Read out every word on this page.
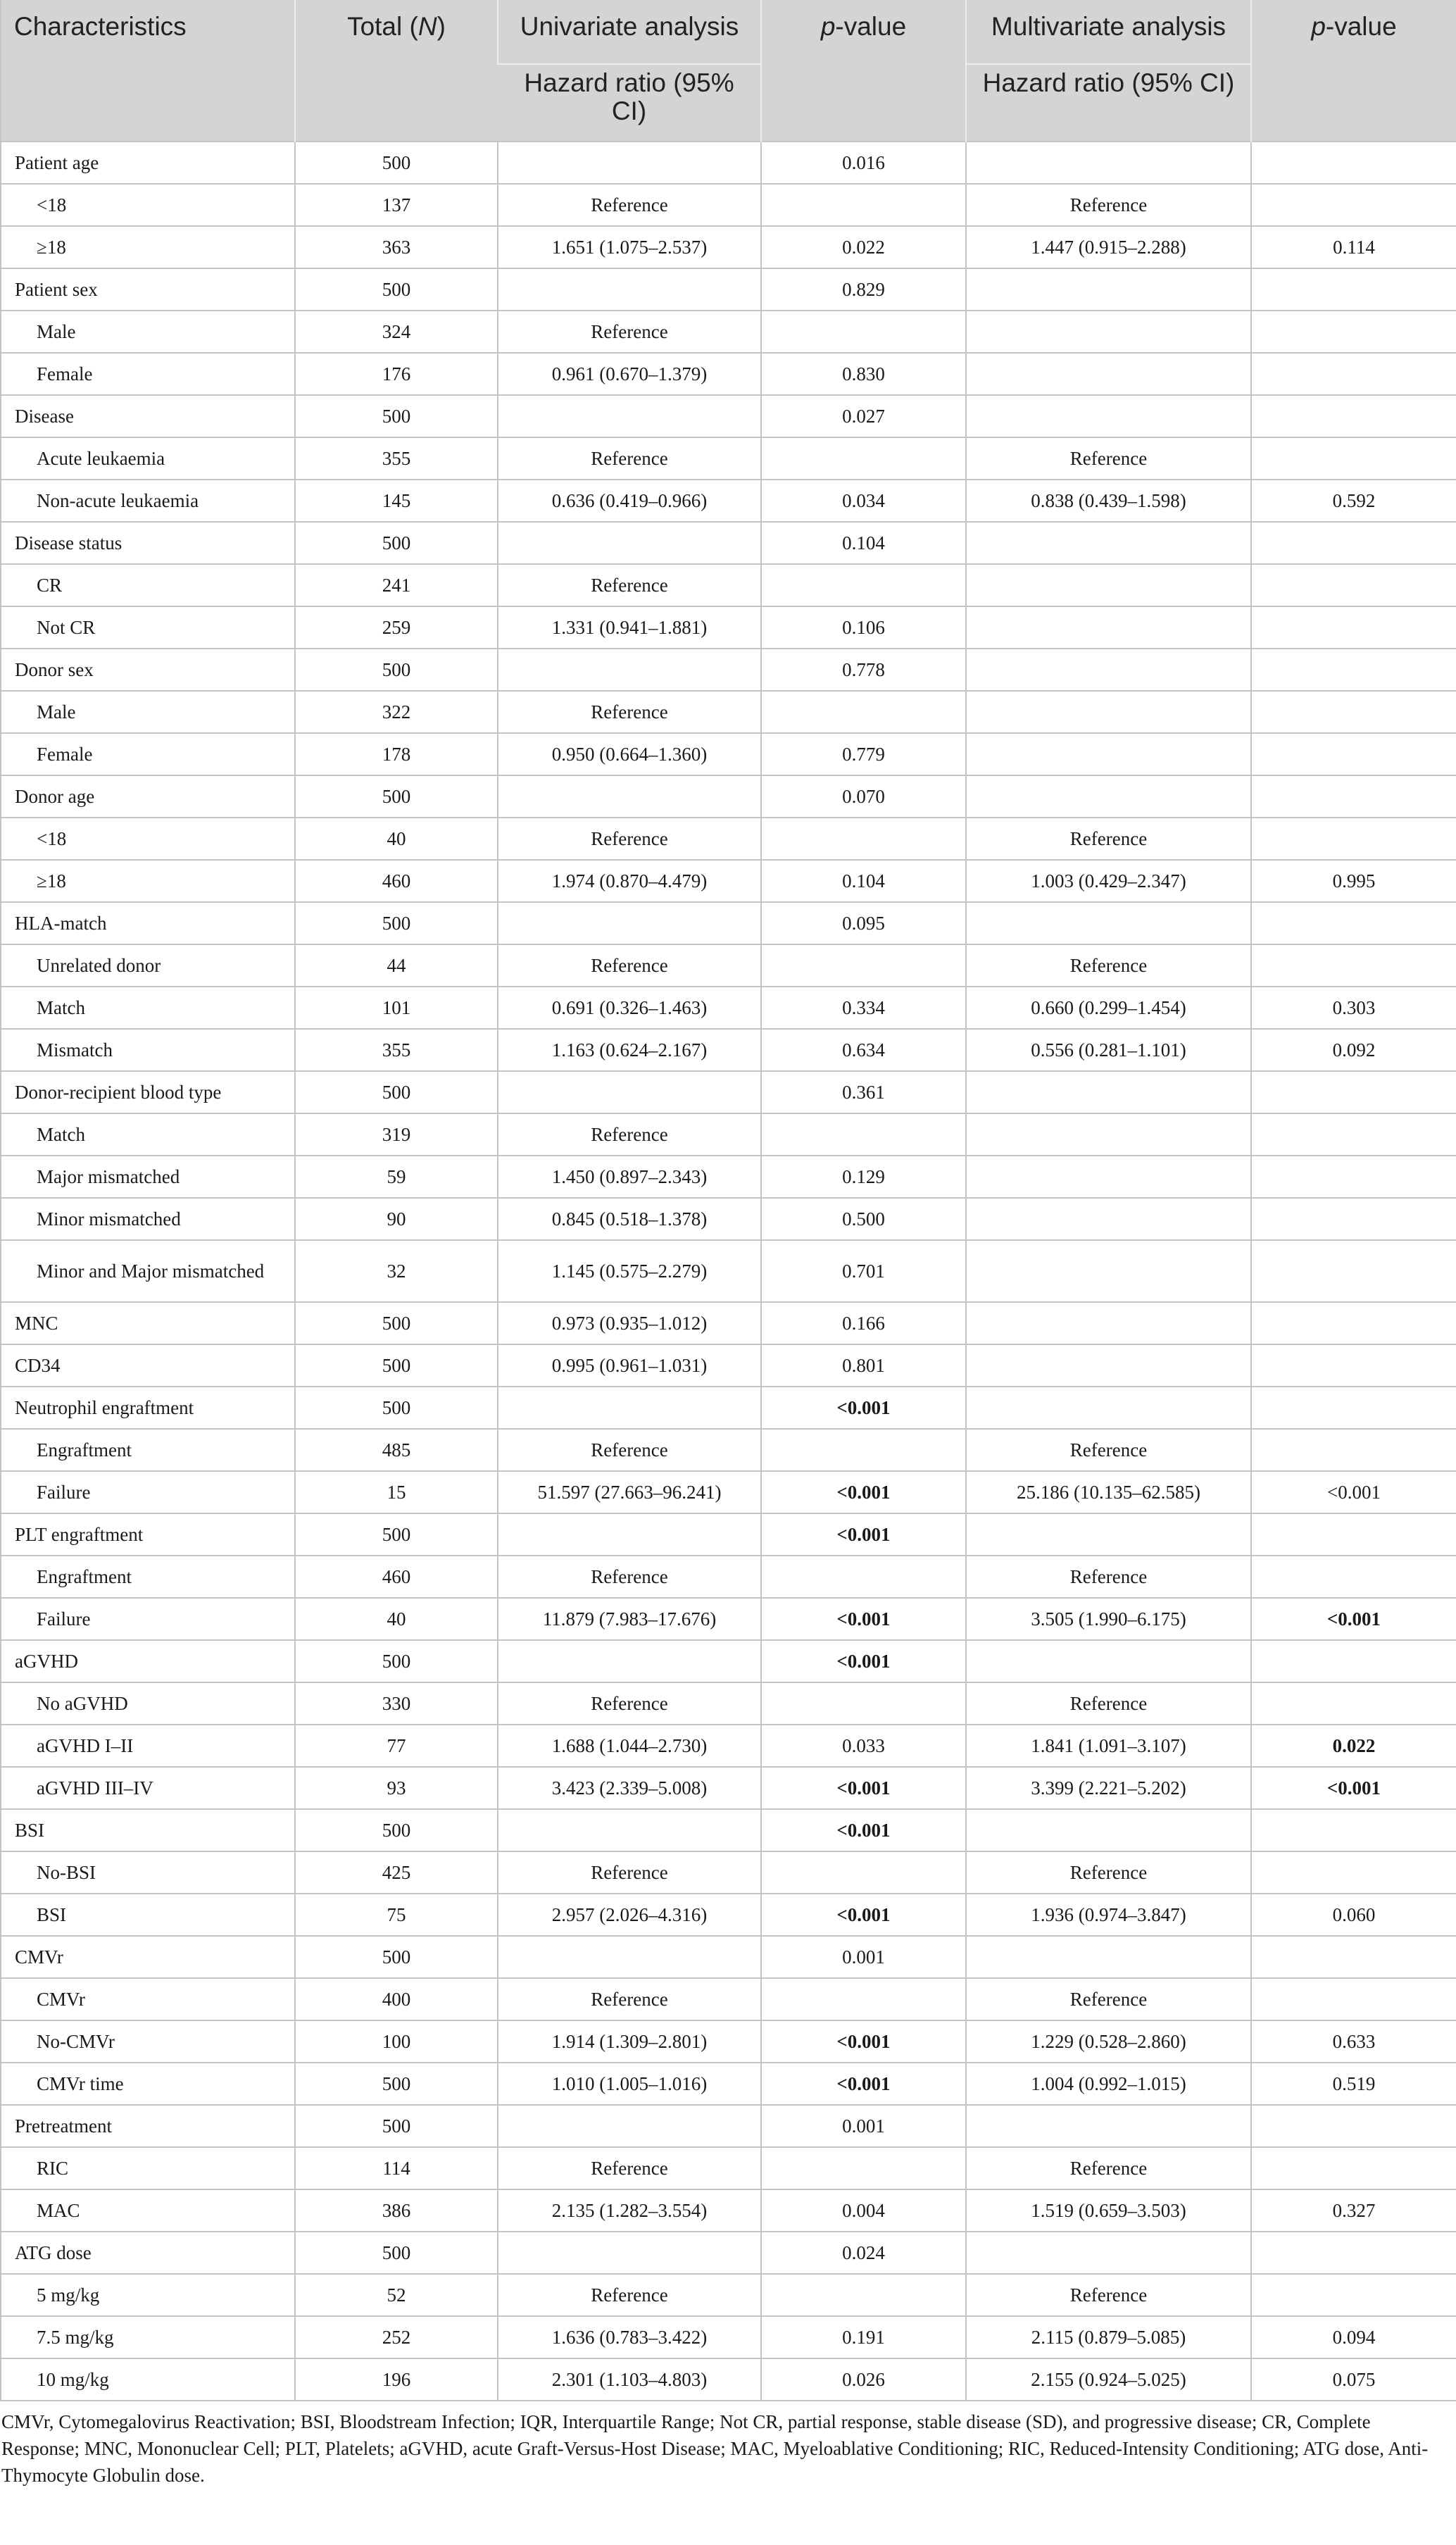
Characteristics	Total (N)	Univariate analysis	p-value	Multivariate analysis	p-value
		Hazard ratio (95% CI)		Hazard ratio (95% CI)	
Patient age	500		0.016		
<18	137	Reference		Reference	
≥18	363	1.651 (1.075–2.537)	0.022	1.447 (0.915–2.288)	0.114
Patient sex	500		0.829		
Male	324	Reference			
Female	176	0.961 (0.670–1.379)	0.830		
Disease	500		0.027		
Acute leukaemia	355	Reference		Reference	
Non-acute leukaemia	145	0.636 (0.419–0.966)	0.034	0.838 (0.439–1.598)	0.592
Disease status	500		0.104		
CR	241	Reference			
Not CR	259	1.331 (0.941–1.881)	0.106		
Donor sex	500		0.778		
Male	322	Reference			
Female	178	0.950 (0.664–1.360)	0.779		
Donor age	500		0.070		
<18	40	Reference		Reference	
≥18	460	1.974 (0.870–4.479)	0.104	1.003 (0.429–2.347)	0.995
HLA-match	500		0.095		
Unrelated donor	44	Reference		Reference	
Match	101	0.691 (0.326–1.463)	0.334	0.660 (0.299–1.454)	0.303
Mismatch	355	1.163 (0.624–2.167)	0.634	0.556 (0.281–1.101)	0.092
Donor-recipient blood type	500		0.361		
Match	319	Reference			
Major mismatched	59	1.450 (0.897–2.343)	0.129		
Minor mismatched	90	0.845 (0.518–1.378)	0.500		
Minor and Major mismatched	32	1.145 (0.575–2.279)	0.701		
MNC	500	0.973 (0.935–1.012)	0.166		
CD34	500	0.995 (0.961–1.031)	0.801		
Neutrophil engraftment	500		<0.001		
Engraftment	485	Reference		Reference	
Failure	15	51.597 (27.663–96.241)	<0.001	25.186 (10.135–62.585)	<0.001
PLT engraftment	500		<0.001		
Engraftment	460	Reference		Reference	
Failure	40	11.879 (7.983–17.676)	<0.001	3.505 (1.990–6.175)	<0.001
aGVHD	500		<0.001		
No aGVHD	330	Reference		Reference	
aGVHD I–II	77	1.688 (1.044–2.730)	0.033	1.841 (1.091–3.107)	0.022
aGVHD III–IV	93	3.423 (2.339–5.008)	<0.001	3.399 (2.221–5.202)	<0.001
BSI	500		<0.001		
No-BSI	425	Reference		Reference	
BSI	75	2.957 (2.026–4.316)	<0.001	1.936 (0.974–3.847)	0.060
CMVr	500		0.001		
CMVr	400	Reference		Reference	
No-CMVr	100	1.914 (1.309–2.801)	<0.001	1.229 (0.528–2.860)	0.633
CMVr time	500	1.010 (1.005–1.016)	<0.001	1.004 (0.992–1.015)	0.519
Pretreatment	500		0.001		
RIC	114	Reference		Reference	
MAC	386	2.135 (1.282–3.554)	0.004	1.519 (0.659–3.503)	0.327
ATG dose	500		0.024		
5 mg/kg	52	Reference		Reference	
7.5 mg/kg	252	1.636 (0.783–3.422)	0.191	2.115 (0.879–5.085)	0.094
10 mg/kg	196	2.301 (1.103–4.803)	0.026	2.155 (0.924–5.025)	0.075
CMVr, Cytomegalovirus Reactivation; BSI, Bloodstream Infection; IQR, Interquartile Range; Not CR, partial response, stable disease (SD), and progressive disease; CR, Complete Response; MNC, Mononuclear Cell; PLT, Platelets; aGVHD, acute Graft-Versus-Host Disease; MAC, Myeloablative Conditioning; RIC, Reduced-Intensity Conditioning; ATG dose, Anti-Thymocyte Globulin dose.
